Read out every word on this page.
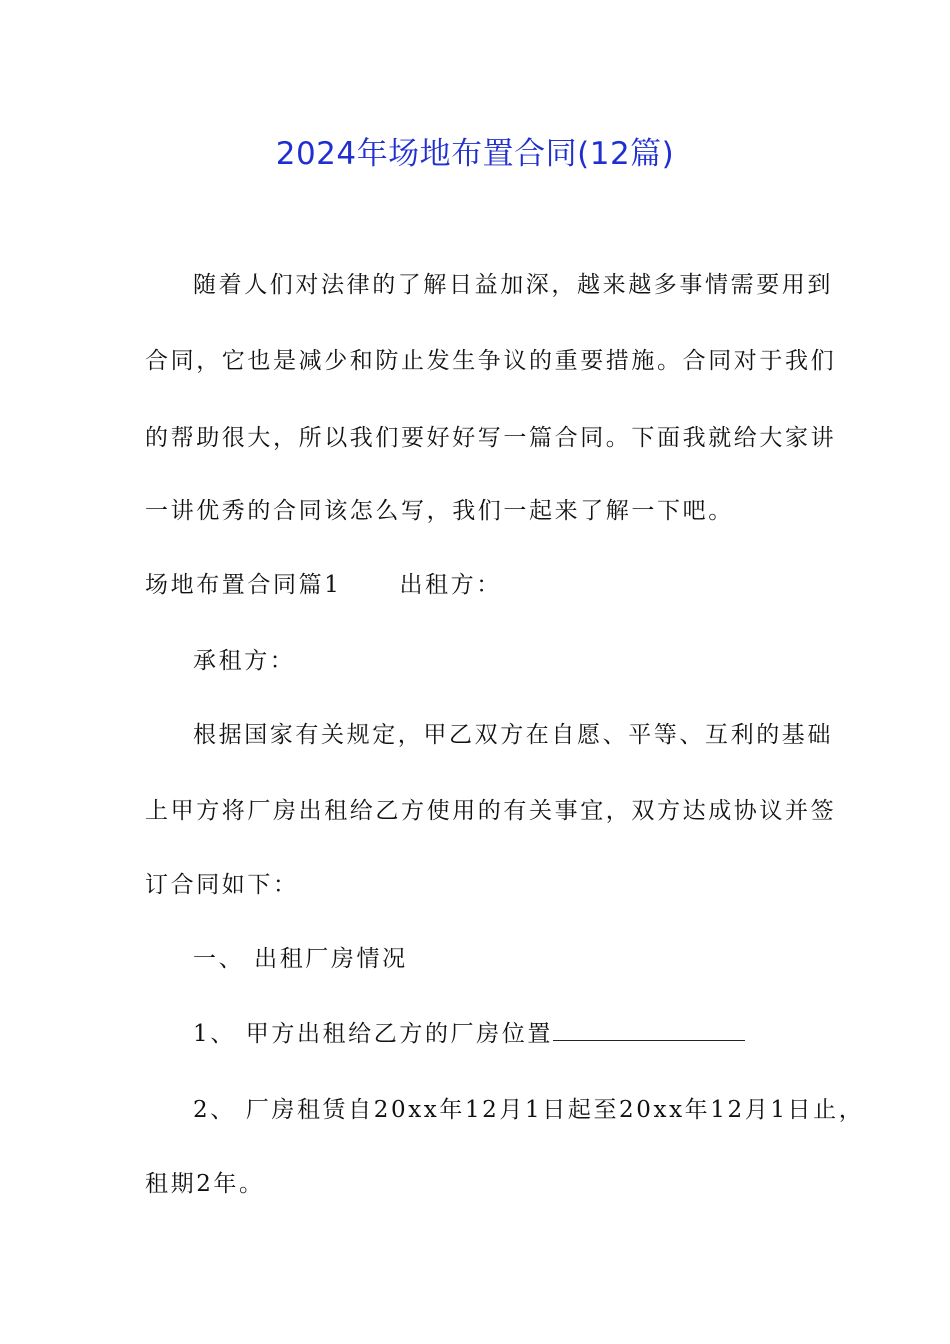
2024年场地布置合同(12篇)
随着人们对法律的了解日益加深，越来越多事情需要用到
合同，它也是减少和防止发生争议的重要措施。合同对于我们
的帮助很大，所以我们要好好写一篇合同。下面我就给大家讲
一讲优秀的合同该怎么写，我们一起来了解一下吧。
场地布置合同篇1	出租方：
承租方：
根据国家有关规定，甲乙双方在自愿、平等、互利的基础
上甲方将厂房出租给乙方使用的有关事宜，双方达成协议并签
订合同如下：
一、 出租厂房情况
1、 甲方出租给乙方的厂房位置
2、 厂房租赁自20xx年12月1日起至20xx年12月1日止，
租期2年。
